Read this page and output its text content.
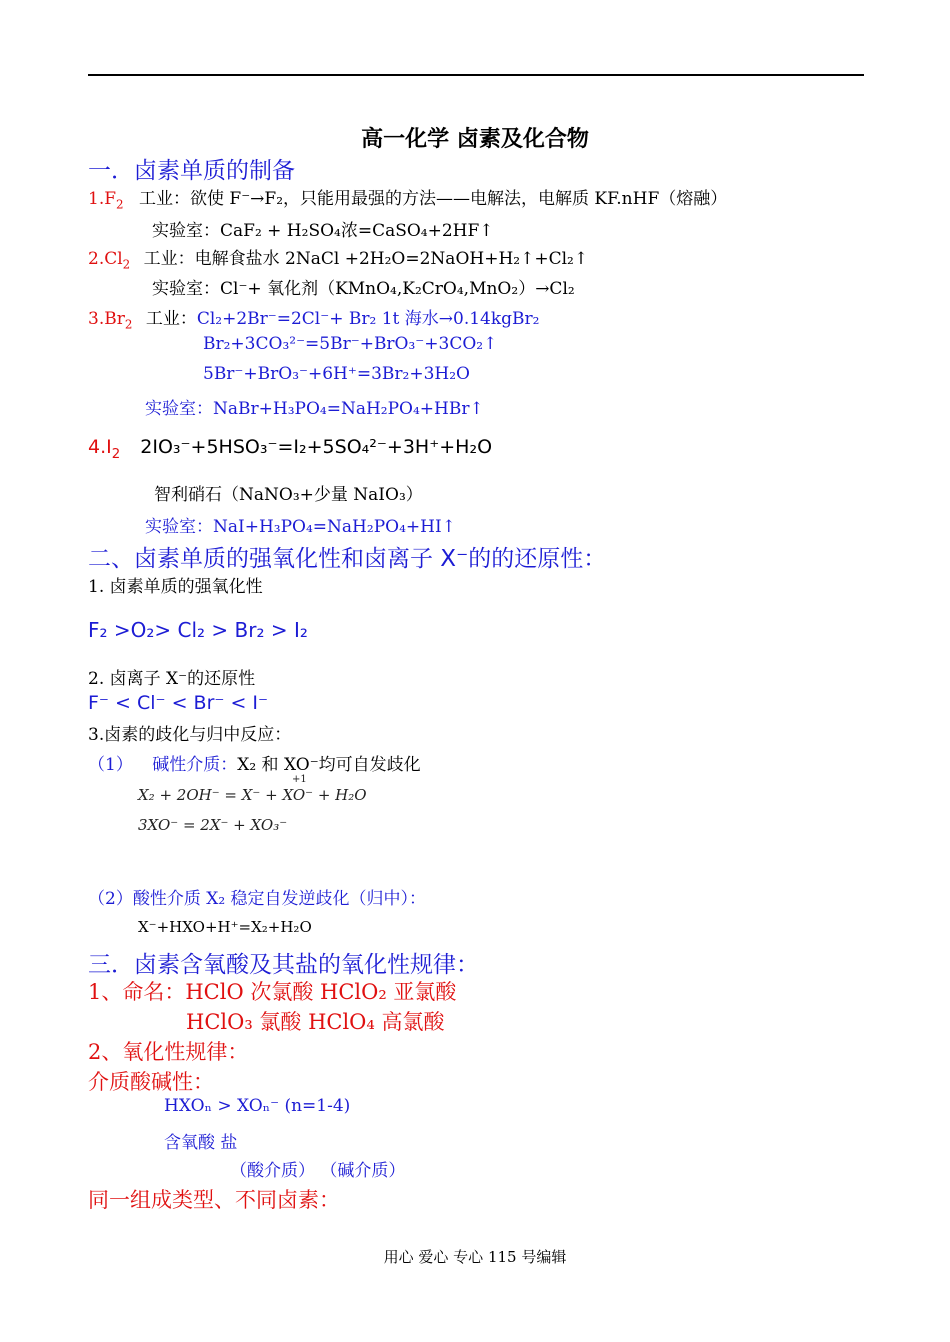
高一化学 卤素及化合物
一．卤素单质的制备
$1.F_2$ 工业：欲使 F⁻→F₂，只能用最强的方法——电解法，电解质 KF.nHF（熔融）
实验室：CaF₂ + H₂SO₄浓=CaSO₄+2HF↑
$2.Cl_2$ 工业：电解食盐水 2NaCl +2H₂O=2NaOH+H₂↑+Cl₂↑
实验室：Cl⁻+ 氧化剂（KMnO₄,K₂CrO₄,MnO₂）→Cl₂
$3.Br_2$ 工业：Cl₂+2Br⁻=2Cl⁻+ Br₂ 1t 海水→0.14kgBr₂
Br₂+3CO₃²⁻=5Br⁻+BrO₃⁻+3CO₂↑
5Br⁻+BrO₃⁻+6H⁺=3Br₂+3H₂O
实验室：NaBr+H₃PO₄=NaH₂PO₄+HBr↑
$4.I_2$ 2IO₃⁻+5HSO₃⁻=I₂+5SO₄²⁻+3H⁺+H₂O
智利硝石（NaNO₃+少量 NaIO₃）
实验室：NaI+H₃PO₄=NaH₂PO₄+HI↑
二、卤素单质的强氧化性和卤离子 X⁻的的还原性：
1. 卤素单质的强氧化性
F₂ >O₂> Cl₂ > Br₂ > I₂
2. 卤离子 X⁻的还原性
F⁻ < Cl⁻ < Br⁻ < I⁻
3.卤素的歧化与归中反应：
（1） 碱性介质：X₂ 和 XO⁻均可自发歧化
X₂ + 2OH⁻ = X⁻ + XO⁻ + H₂O
+1
3XO⁻ = 2X⁻ + XO₃⁻
（2）酸性介质 X₂ 稳定自发逆歧化（归中）：
X⁻+HXO+H⁺=X₂+H₂O
三．卤素含氧酸及其盐的氧化性规律：
1、命名：HClO 次氯酸 HClO₂ 亚氯酸
HClO₃ 氯酸 HClO₄ 高氯酸
2、氧化性规律：
介质酸碱性：
HXOₙ > XOₙ⁻ (n=1-4)
含氧酸 盐
（酸介质） （碱介质）
同一组成类型、不同卤素：
用心 爱心 专心 115 号编辑
